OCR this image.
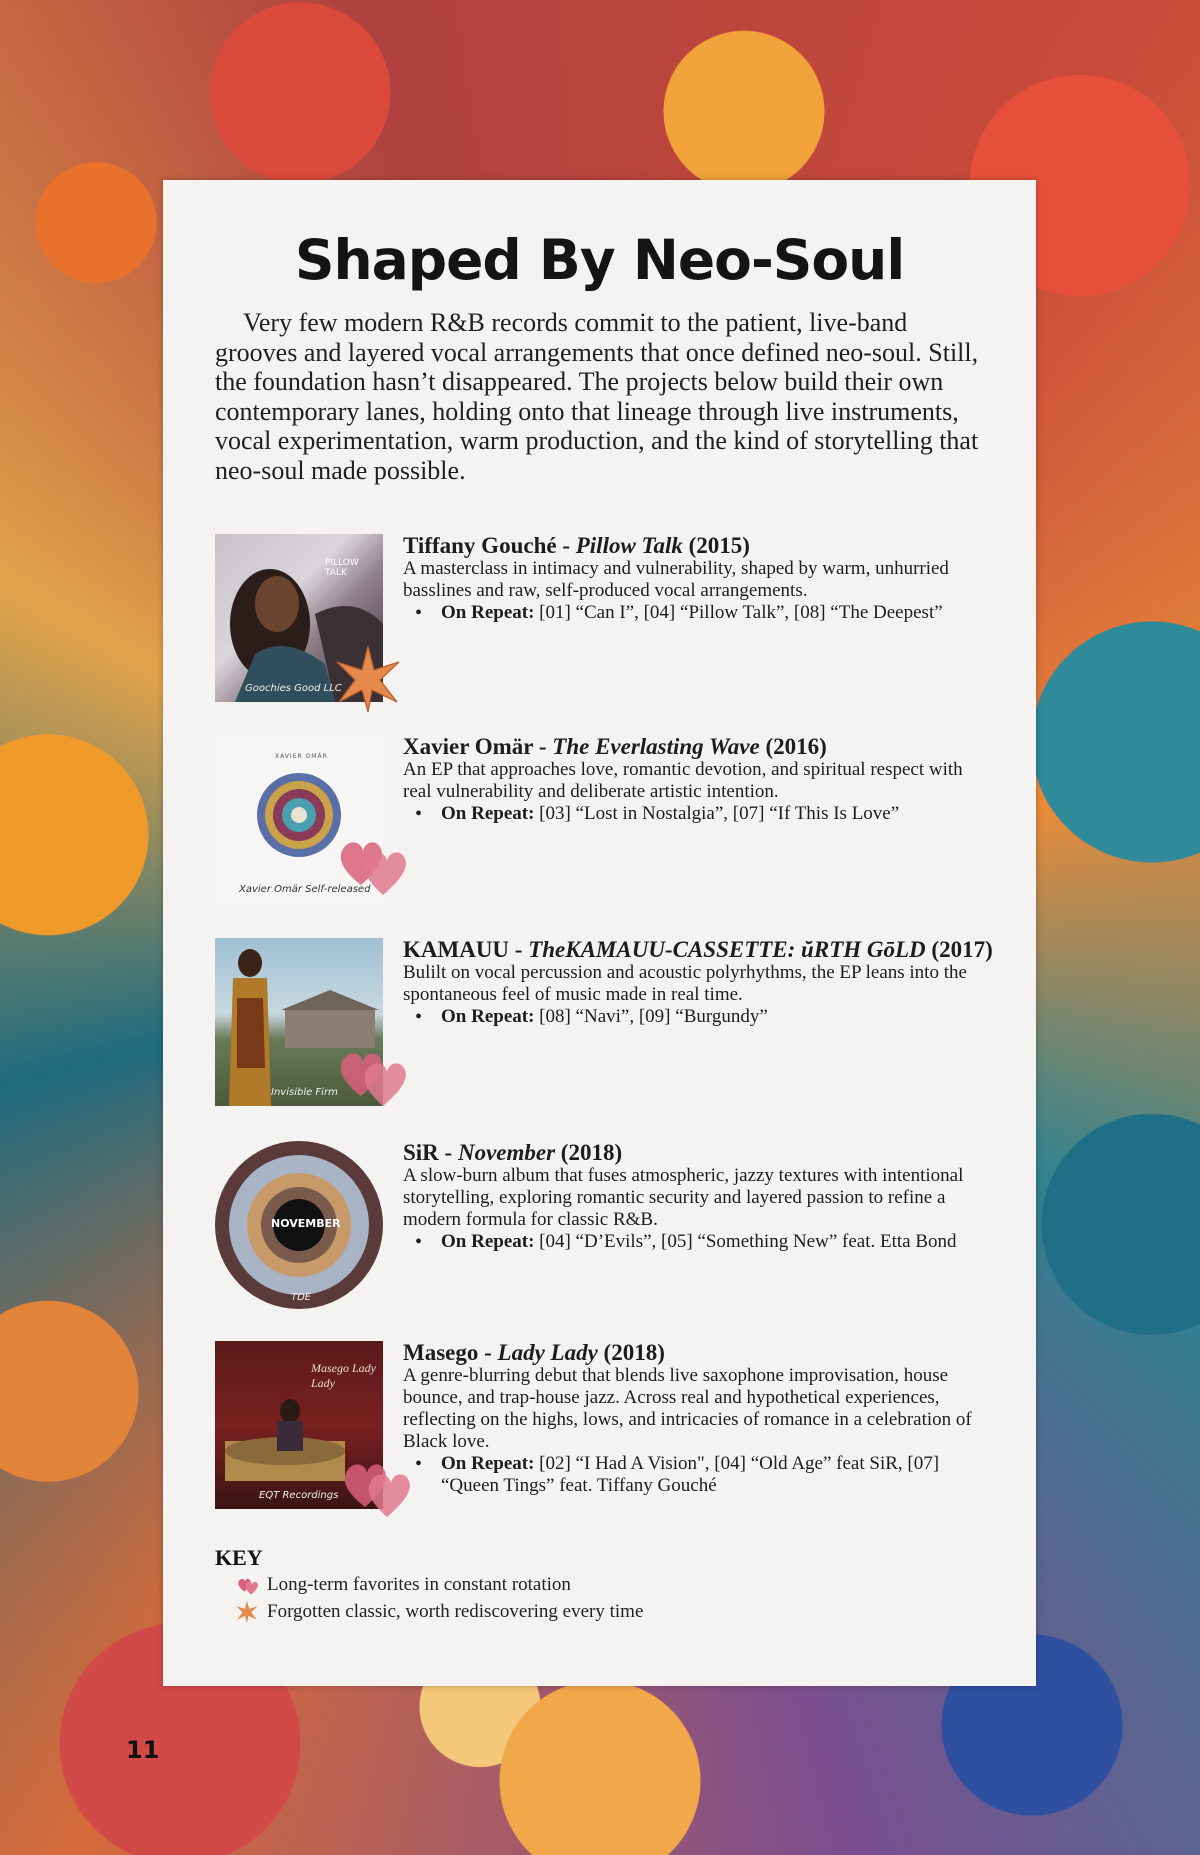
Shaped By Neo-Soul

Very few modern R&B records commit to the patient, live-band grooves and layered vocal arrangements that once defined neo-soul. Still, the foundation hasn’t disappeared. The projects below build their own contemporary lanes, holding onto that lineage through live instruments, vocal experimentation, warm production, and the kind of storytelling that neo-soul made possible.

PILLOW TALK
Goochies Good LLC

Tiffany Gouché - Pillow Talk (2015)

A masterclass in intimacy and vulnerability, shaped by warm, unhurried basslines and raw, self-produced vocal arrangements.

• On Repeat: [01] “Can I”, [04] “Pillow Talk”, [08] “The Deepest”

XAVIER OMÄR
Xavier Omär Self-released

Xavier Omär - The Everlasting Wave (2016)

An EP that approaches love, romantic devotion, and spiritual respect with real vulnerability and deliberate artistic intention.

• On Repeat: [03] “Lost in Nostalgia”, [07] “If This Is Love”

Invisible Firm

KAMAUU - TheKAMAUU-CASSETTE: ŭRTH GōLD (2017)

Bulilt on vocal percussion and acoustic polyrhythms, the EP leans into the spontaneous feel of music made in real time.

• On Repeat: [08] “Navi”, [09] “Burgundy”

NOVEMBER
TDE

SiR - November (2018)

A slow-burn album that fuses atmospheric, jazzy textures with intentional storytelling, exploring romantic security and layered passion to refine a modern formula for classic R&B.

• On Repeat: [04] “D’Evils”, [05] “Something New” feat. Etta Bond

Masego Lady Lady
EQT Recordings

Masego - Lady Lady (2018)

A genre-blurring debut that blends live saxophone improvisation, house bounce, and trap-house jazz. Across real and hypothetical experiences, reflecting on the highs, lows, and intricacies of romance in a celebration of Black love.

• On Repeat: [02] “I Had A Vision", [04] “Old Age” feat SiR, [07] “Queen Tings” feat. Tiffany Gouché

KEY

Long-term favorites in constant rotation
Forgotten classic, worth rediscovering every time
11
